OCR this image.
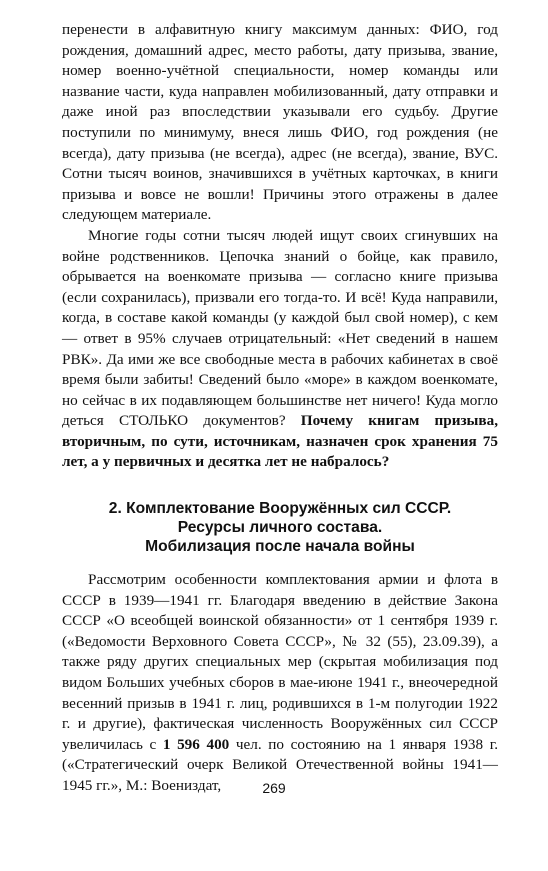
перенести в алфавитную книгу максимум данных: ФИО, год рождения, домашний адрес, место работы, дату призыва, звание, номер военно-учётной специальности, номер команды или название части, куда направлен мобилизованный, дату отправки и даже иной раз впоследствии указывали его судьбу. Другие поступили по минимуму, внеся лишь ФИО, год рождения (не всегда), дату призыва (не всегда), адрес (не всегда), звание, ВУС. Сотни тысяч воинов, значившихся в учётных карточках, в книги призыва и вовсе не вошли! Причины этого отражены в далее следующем материале.

Многие годы сотни тысяч людей ищут своих сгинувших на войне родственников. Цепочка знаний о бойце, как правило, обрывается на военкомате призыва — согласно книге призыва (если сохранилась), призвали его тогда-то. И всё! Куда направили, когда, в составе какой команды (у каждой был свой номер), с кем — ответ в 95% случаев отрицательный: «Нет сведений в нашем РВК». Да ими же все свободные места в рабочих кабинетах в своё время были забиты! Сведений было «море» в каждом военкомате, но сейчас в их подавляющем большинстве нет ничего! Куда могло деться СТОЛЬКО документов? Почему книгам призыва, вторичным, по сути, источникам, назначен срок хранения 75 лет, а у первичных и десятка лет не набралось?

2. Комплектование Вооружённых сил СССР.
Ресурсы личного состава.
Мобилизация после начала войны

Рассмотрим особенности комплектования армии и флота в СССР в 1939—1941 гг. Благодаря введению в действие Закона СССР «О всеобщей воинской обязанности» от 1 сентября 1939 г. («Ведомости Верховного Совета СССР», № 32 (55), 23.09.39), а также ряду других специальных мер (скрытая мобилизация под видом Больших учебных сборов в мае-июне 1941 г., внеочередной весенний призыв в 1941 г. лиц, родившихся в 1-м полугодии 1922 г. и другие), фактическая численность Вооружённых сил СССР увеличилась с 1 596 400 чел. по состоянию на 1 января 1938 г. («Стратегический очерк Великой Отечественной войны 1941—1945 гг.», М.: Воениздат,	269
